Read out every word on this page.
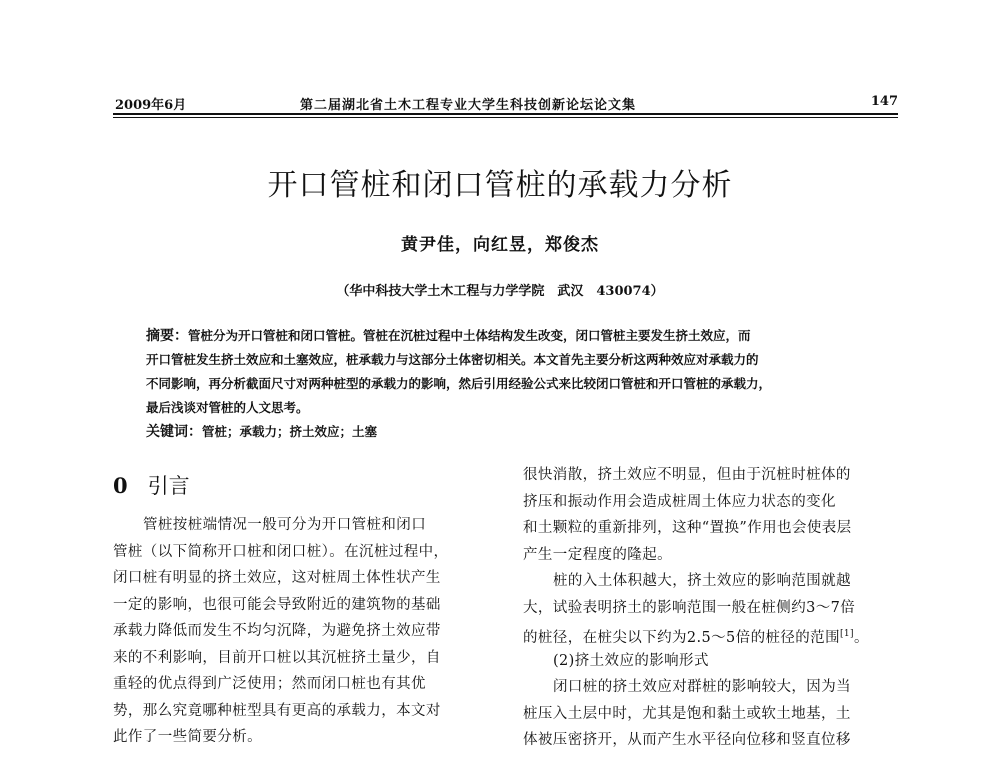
2009年6月	第二届湖北省土木工程专业大学生科技创新论坛论文集	147
开口管桩和闭口管桩的承载力分析
黄尹佳，向红昱，郑俊杰
（华中科技大学土木工程与力学学院　武汉　430074）
摘要：管桩分为开口管桩和闭口管桩。管桩在沉桩过程中土体结构发生改变，闭口管桩主要发生挤土效应，而
开口管桩发生挤土效应和土塞效应，桩承载力与这部分土体密切相关。本文首先主要分析这两种效应对承载力的
不同影响，再分析截面尺寸对两种桩型的承载力的影响，然后引用经验公式来比较闭口管桩和开口管桩的承载力，
最后浅谈对管桩的人文思考。
关键词：管桩；承载力；挤土效应；土塞
0 引言
管桩按桩端情况一般可分为开口管桩和闭口
管桩（以下简称开口桩和闭口桩）。在沉桩过程中，
闭口桩有明显的挤土效应，这对桩周土体性状产生
一定的影响，也很可能会导致附近的建筑物的基础
承载力降低而发生不均匀沉降，为避免挤土效应带
来的不利影响，目前开口桩以其沉桩挤土量少，自
重轻的优点得到广泛使用；然而闭口桩也有其优
势，那么究竟哪种桩型具有更高的承载力，本文对
此作了一些简要分析。
很快消散，挤土效应不明显，但由于沉桩时桩体的
挤压和振动作用会造成桩周土体应力状态的变化
和土颗粒的重新排列，这种“置换”作用也会使表层
产生一定程度的隆起。
桩的入土体积越大，挤土效应的影响范围就越
大，试验表明挤土的影响范围一般在桩侧约3～7倍
的桩径，在桩尖以下约为2.5～5倍的桩径的范围[1]。
(2)挤土效应的影响形式
闭口桩的挤土效应对群桩的影响较大，因为当
桩压入土层中时，尤其是饱和黏土或软土地基，土
体被压密挤开，从而产生水平径向位移和竖直位移
